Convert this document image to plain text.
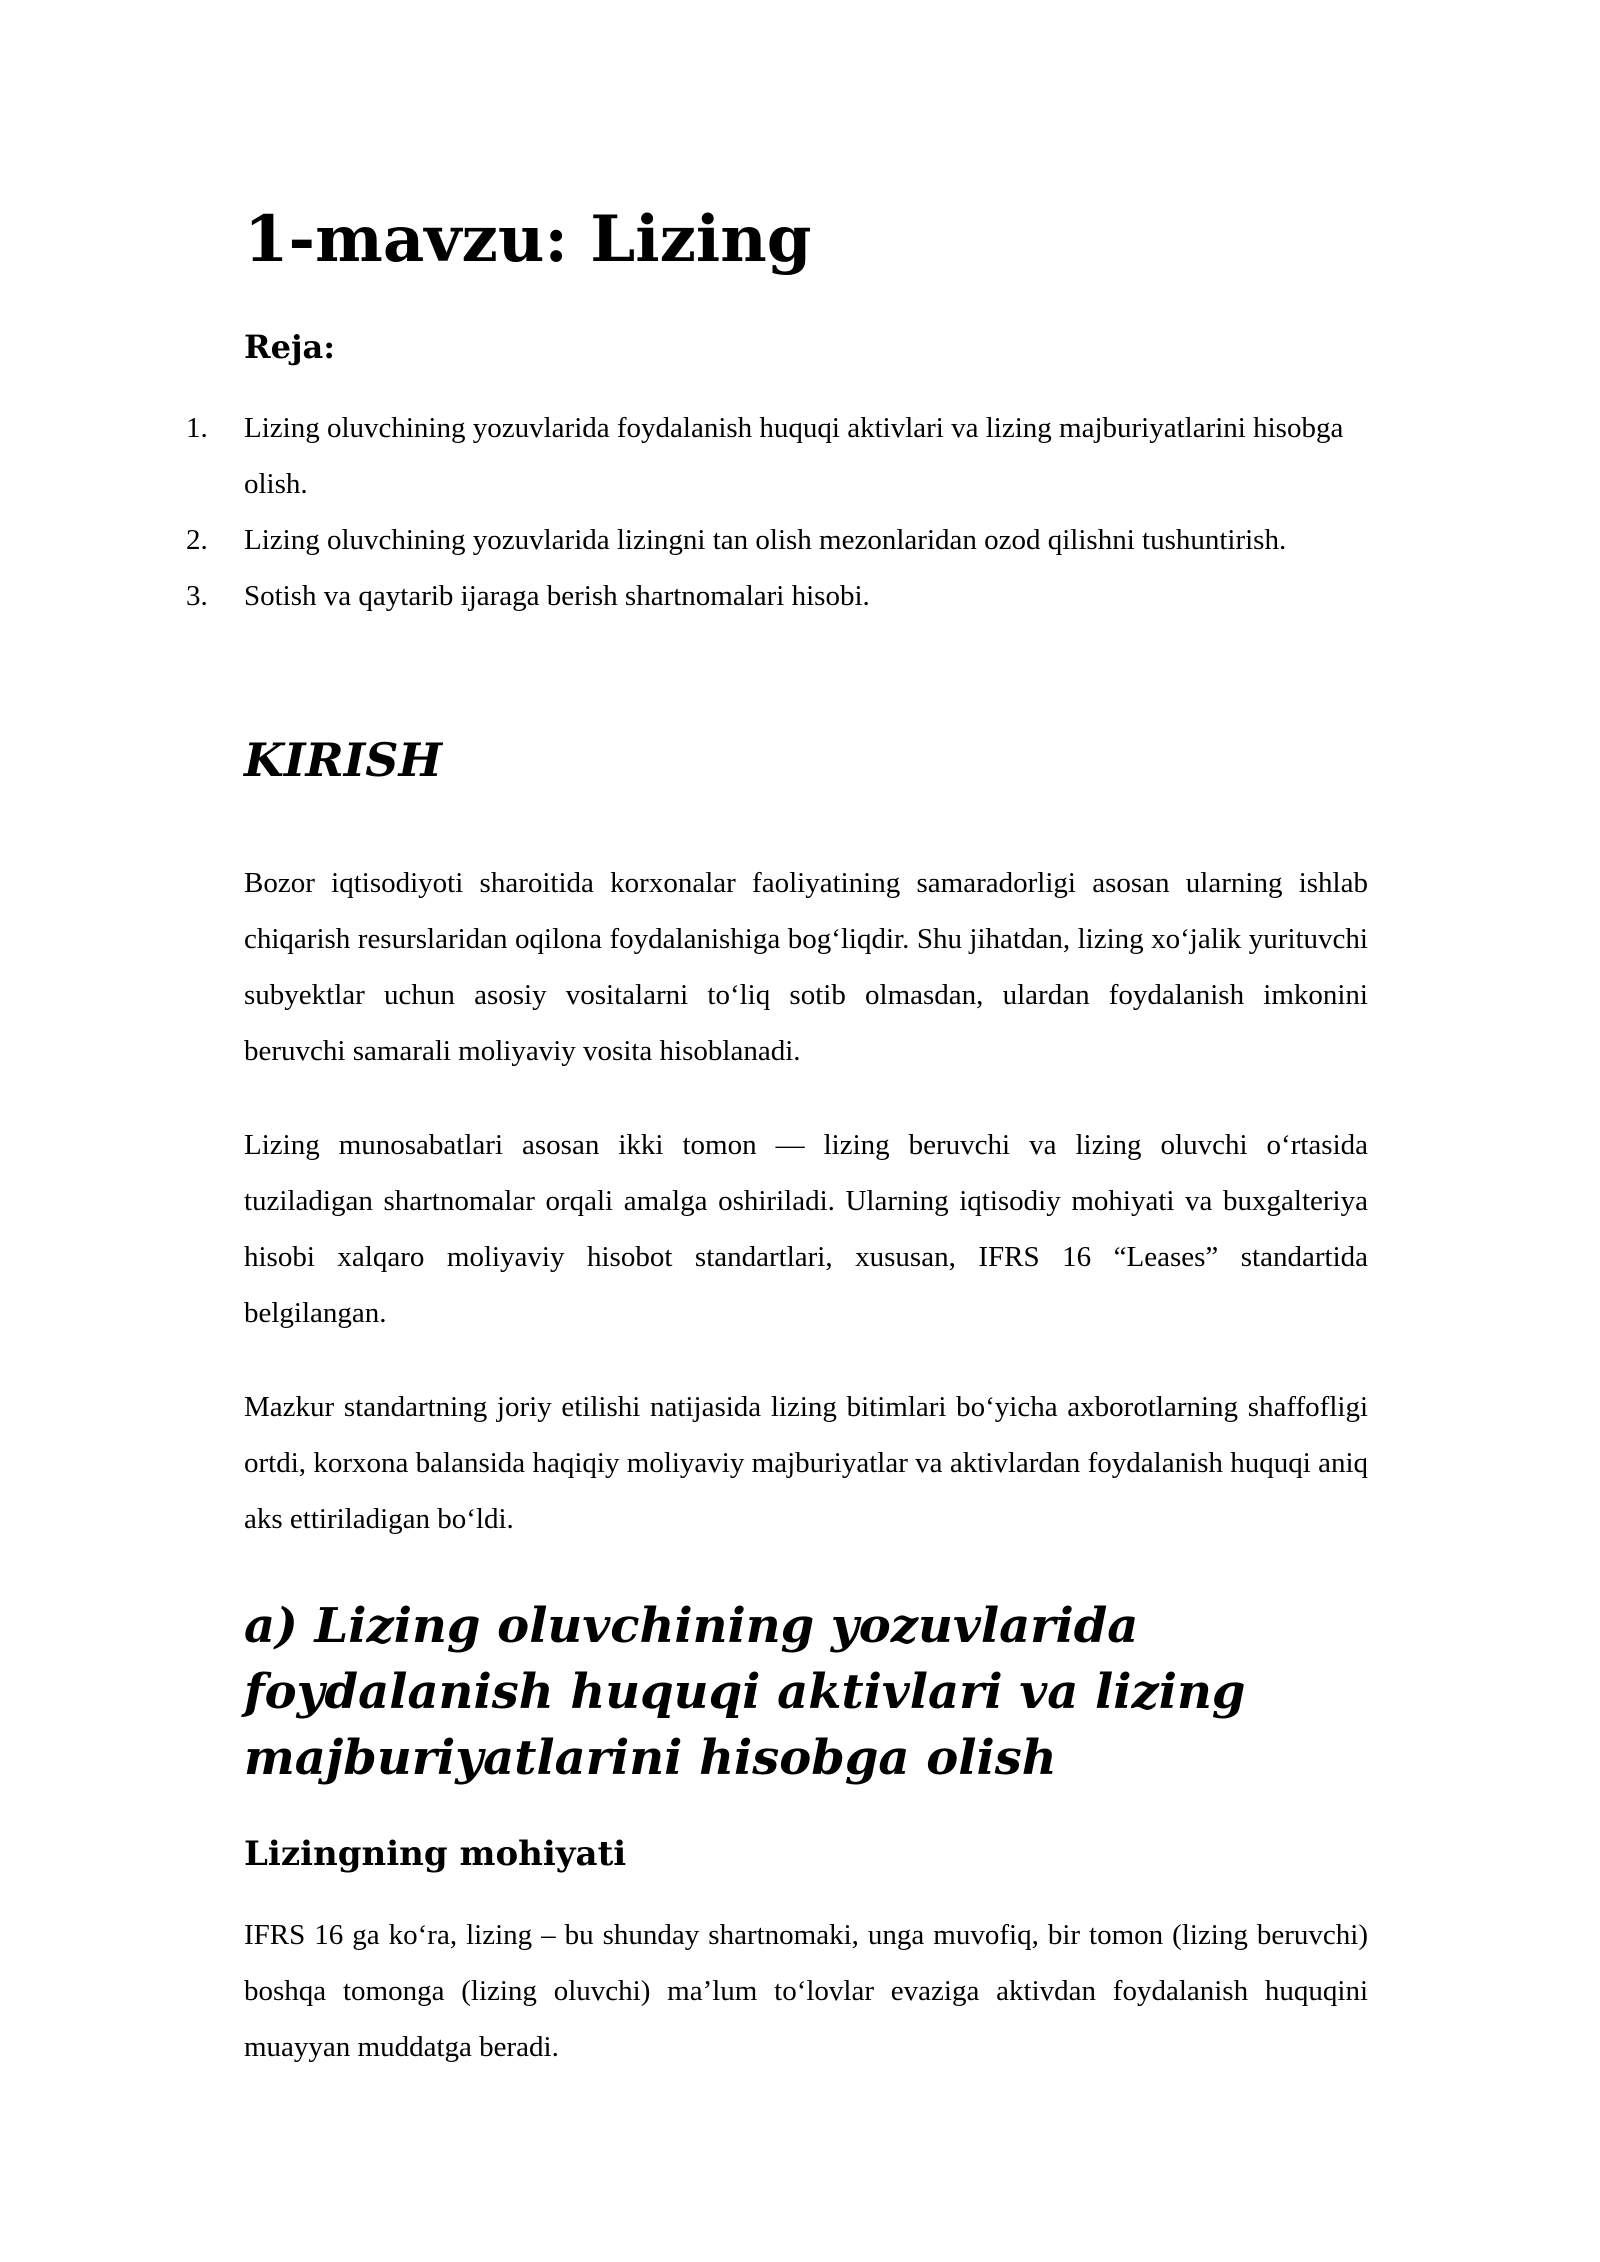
1-mavzu: Lizing
Reja:
1. Lizing oluvchining yozuvlarida foydalanish huquqi aktivlari va lizing majburiyatlarini hisobga olish.
2. Lizing oluvchining yozuvlarida lizingni tan olish mezonlaridan ozod qilishni tushuntirish.
3. Sotish va qaytarib ijaraga berish shartnomalari hisobi.
KIRISH

Bozor iqtisodiyoti sharoitida korxonalar faoliyatining samaradorligi asosan ularning ishlab chiqarish resurslaridan oqilona foydalanishiga bog‘liqdir. Shu jihatdan, lizing xo‘jalik yurituvchi subyektlar uchun asosiy vositalarni to‘liq sotib olmasdan, ulardan foydalanish imkonini beruvchi samarali moliyaviy vosita hisoblanadi.

Lizing munosabatlari asosan ikki tomon — lizing beruvchi va lizing oluvchi o‘rtasida tuziladigan shartnomalar orqali amalga oshiriladi. Ularning iqtisodiy mohiyati va buxgalteriya hisobi xalqaro moliyaviy hisobot standartlari, xususan, IFRS 16 “Leases” standartida belgilangan.

Mazkur standartning joriy etilishi natijasida lizing bitimlari bo‘yicha axborotlarning shaffofligi ortdi, korxona balansida haqiqiy moliyaviy majburiyatlar va aktivlardan foydalanish huquqi aniq aks ettiriladigan bo‘ldi.

a) Lizing oluvchining yozuvlarida foydalanish huquqi aktivlari va lizing majburiyatlarini hisobga olish
Lizingning mohiyati

IFRS 16 ga ko‘ra, lizing – bu shunday shartnomaki, unga muvofiq, bir tomon (lizing beruvchi) boshqa tomonga (lizing oluvchi) ma’lum to‘lovlar evaziga aktivdan foydalanish huquqini muayyan muddatga beradi.
